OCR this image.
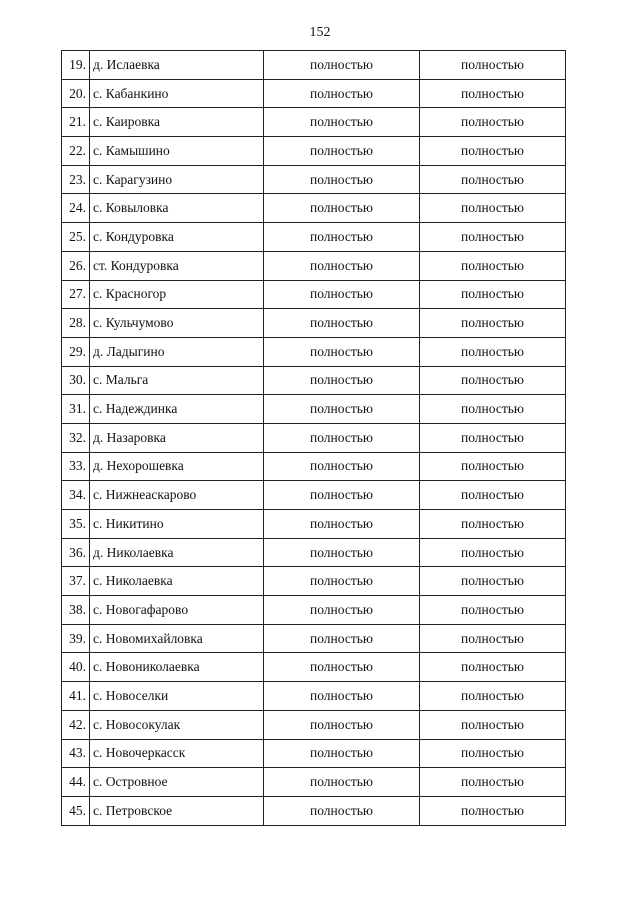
152
19.	д. Ислаевка	полностью	полностью
20.	с. Кабанкино	полностью	полностью
21.	с. Каировка	полностью	полностью
22.	с. Камышино	полностью	полностью
23.	с. Карагузино	полностью	полностью
24.	с. Ковыловка	полностью	полностью
25.	с. Кондуровка	полностью	полностью
26.	ст. Кондуровка	полностью	полностью
27.	с. Красногор	полностью	полностью
28.	с. Кульчумово	полностью	полностью
29.	д. Ладыгино	полностью	полностью
30.	с. Мальга	полностью	полностью
31.	с. Надеждинка	полностью	полностью
32.	д. Назаровка	полностью	полностью
33.	д. Нехорошевка	полностью	полностью
34.	с. Нижнеаскарово	полностью	полностью
35.	с. Никитино	полностью	полностью
36.	д. Николаевка	полностью	полностью
37.	с. Николаевка	полностью	полностью
38.	с. Новогафарово	полностью	полностью
39.	с. Новомихайловка	полностью	полностью
40.	с. Новониколаевка	полностью	полностью
41.	с. Новоселки	полностью	полностью
42.	с. Новосокулак	полностью	полностью
43.	с. Новочеркасск	полностью	полностью
44.	с. Островное	полностью	полностью
45.	с. Петровское	полностью	полностью
